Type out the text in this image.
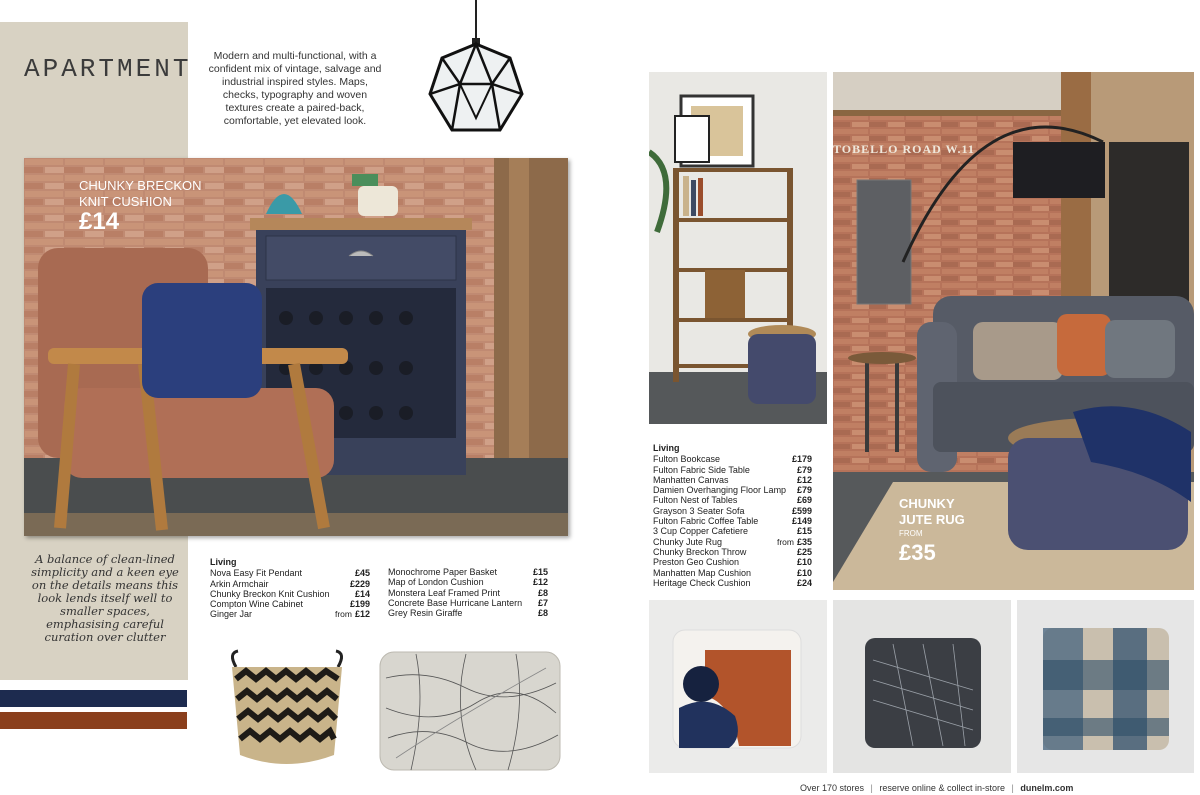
APARTMENT	Modern and multi-functional, with a confident mix of vintage, salvage and industrial inspired styles. Maps, checks, typography and woven textures create a paired-back, comfortable, yet elevated look.
CHUNKY BRECKON
KNIT CUSHION
£14
A balance of clean-lined simplicity and a keen eye on the details means this look lends itself well to smaller spaces, emphasising careful curation over clutter
Living
Nova Easy Fit Pendant	£45
Arkin Armchair	£229
Chunky Breckon Knit Cushion	£14
Compton Wine Cabinet	£199
Ginger Jar	from £12
Monochrome Paper Basket	£15
Map of London Cushion	£12
Monstera Leaf Framed Print	£8
Concrete Base Hurricane Lantern	£7
Grey Resin Giraffe	£8
TOBELLO ROAD W.11
CHUNKY
JUTE RUG
FROM
£35
Living
Fulton Bookcase	£179
Fulton Fabric Side Table	£79
Manhatten Canvas	£12
Damien Overhanging Floor Lamp	£79
Fulton Nest of Tables	£69
Grayson 3 Seater Sofa	£599
Fulton Fabric Coffee Table	£149
3 Cup Copper Cafetiere	£15
Chunky Jute Rug	from £35
Chunky Breckon Throw	£25
Preston Geo Cushion	£10
Manhatten Map Cushion	£10
Heritage Check Cushion	£24
Over 170 stores | reserve online & collect in-store | dunelm.com
